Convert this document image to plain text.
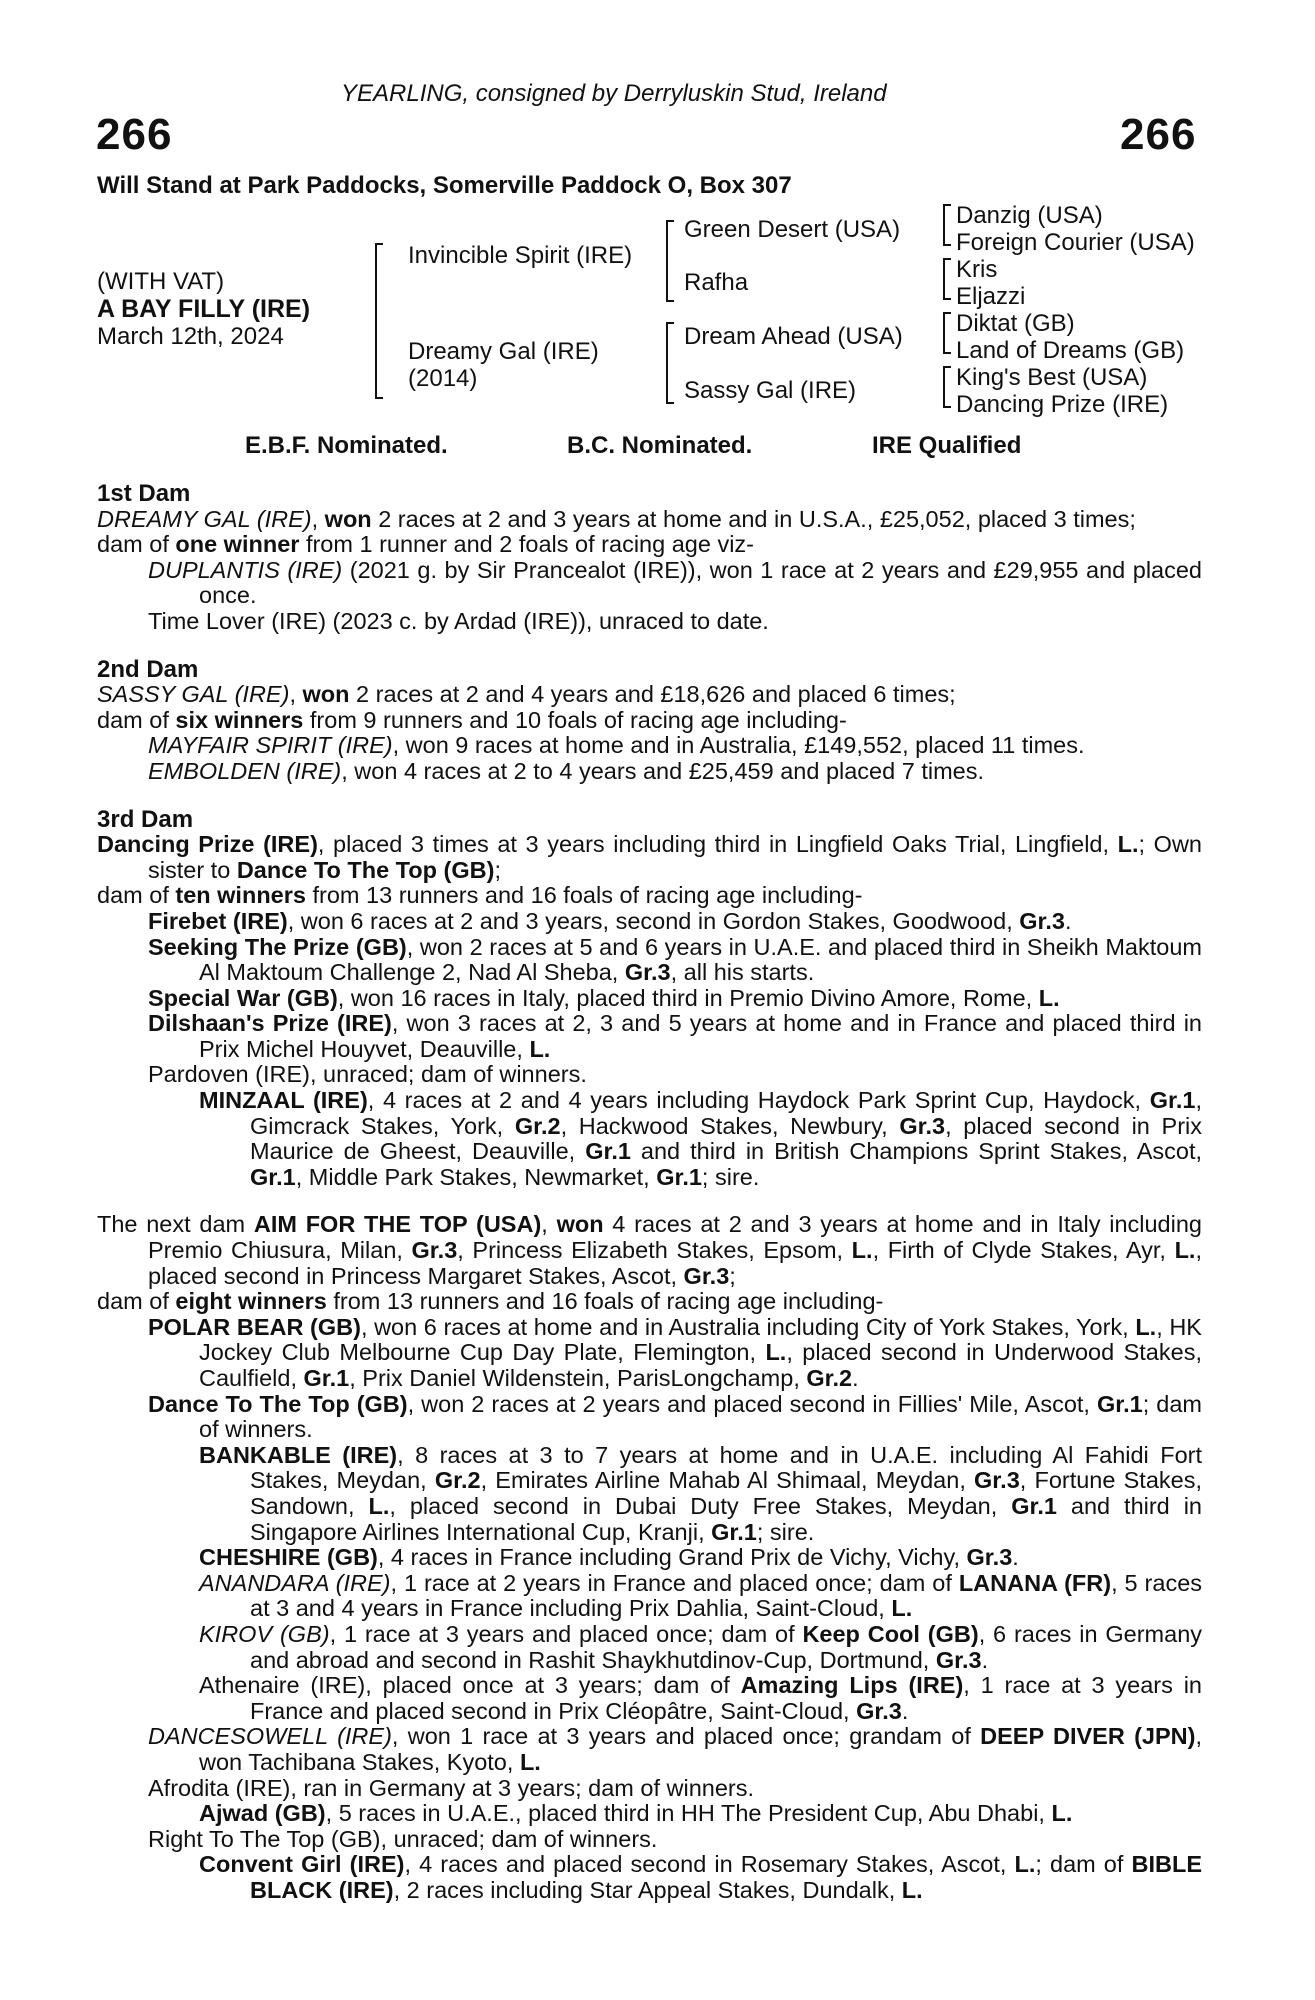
YEARLING, consigned by Derryluskin Stud, Ireland
266	266
Will Stand at Park Paddocks, Somerville Paddock O, Box 307
(WITH VAT)
A BAY FILLY (IRE)
March 12th, 2024
Invincible Spirit (IRE)
Dreamy Gal (IRE)
(2014)
Green Desert (USA)
Rafha
Dream Ahead (USA)
Sassy Gal (IRE)
Danzig (USA)
Foreign Courier (USA)
Kris
Eljazzi
Diktat (GB)
Land of Dreams (GB)
King's Best (USA)
Dancing Prize (IRE)
E.B.F. Nominated.	B.C. Nominated.	IRE Qualified

1st Dam

DREAMY GAL (IRE), won 2 races at 2 and 3 years at home and in U.S.A., £25,052, placed 3 times;

dam of one winner from 1 runner and 2 foals of racing age viz-

DUPLANTIS (IRE) (2021 g. by Sir Prancealot (IRE)), won 1 race at 2 years and £29,955 and placed once.

Time Lover (IRE) (2023 c. by Ardad (IRE)), unraced to date.

2nd Dam

SASSY GAL (IRE), won 2 races at 2 and 4 years and £18,626 and placed 6 times;

dam of six winners from 9 runners and 10 foals of racing age including-

MAYFAIR SPIRIT (IRE), won 9 races at home and in Australia, £149,552, placed 11 times.

EMBOLDEN (IRE), won 4 races at 2 to 4 years and £25,459 and placed 7 times.

3rd Dam

Dancing Prize (IRE), placed 3 times at 3 years including third in Lingfield Oaks Trial, Lingfield, L.; Own sister to Dance To The Top (GB);

dam of ten winners from 13 runners and 16 foals of racing age including-

Firebet (IRE), won 6 races at 2 and 3 years, second in Gordon Stakes, Goodwood, Gr.3.

Seeking The Prize (GB), won 2 races at 5 and 6 years in U.A.E. and placed third in Sheikh Maktoum Al Maktoum Challenge 2, Nad Al Sheba, Gr.3, all his starts.

Special War (GB), won 16 races in Italy, placed third in Premio Divino Amore, Rome, L.

Dilshaan's Prize (IRE), won 3 races at 2, 3 and 5 years at home and in France and placed third in Prix Michel Houyvet, Deauville, L.

Pardoven (IRE), unraced; dam of winners.

MINZAAL (IRE), 4 races at 2 and 4 years including Haydock Park Sprint Cup, Haydock, Gr.1, Gimcrack Stakes, York, Gr.2, Hackwood Stakes, Newbury, Gr.3, placed second in Prix Maurice de Gheest, Deauville, Gr.1 and third in British Champions Sprint Stakes, Ascot, Gr.1, Middle Park Stakes, Newmarket, Gr.1; sire.

The next dam AIM FOR THE TOP (USA), won 4 races at 2 and 3 years at home and in Italy including Premio Chiusura, Milan, Gr.3, Princess Elizabeth Stakes, Epsom, L., Firth of Clyde Stakes, Ayr, L., placed second in Princess Margaret Stakes, Ascot, Gr.3;

dam of eight winners from 13 runners and 16 foals of racing age including-

POLAR BEAR (GB), won 6 races at home and in Australia including City of York Stakes, York, L., HK Jockey Club Melbourne Cup Day Plate, Flemington, L., placed second in Underwood Stakes, Caulfield, Gr.1, Prix Daniel Wildenstein, ParisLongchamp, Gr.2.

Dance To The Top (GB), won 2 races at 2 years and placed second in Fillies' Mile, Ascot, Gr.1; dam of winners.

BANKABLE (IRE), 8 races at 3 to 7 years at home and in U.A.E. including Al Fahidi Fort Stakes, Meydan, Gr.2, Emirates Airline Mahab Al Shimaal, Meydan, Gr.3, Fortune Stakes, Sandown, L., placed second in Dubai Duty Free Stakes, Meydan, Gr.1 and third in Singapore Airlines International Cup, Kranji, Gr.1; sire.

CHESHIRE (GB), 4 races in France including Grand Prix de Vichy, Vichy, Gr.3.

ANANDARA (IRE), 1 race at 2 years in France and placed once; dam of LANANA (FR), 5 races at 3 and 4 years in France including Prix Dahlia, Saint-Cloud, L.

KIROV (GB), 1 race at 3 years and placed once; dam of Keep Cool (GB), 6 races in Germany and abroad and second in Rashit Shaykhutdinov-Cup, Dortmund, Gr.3.

Athenaire (IRE), placed once at 3 years; dam of Amazing Lips (IRE), 1 race at 3 years in France and placed second in Prix Cléopâtre, Saint-Cloud, Gr.3.

DANCESOWELL (IRE), won 1 race at 3 years and placed once; grandam of DEEP DIVER (JPN), won Tachibana Stakes, Kyoto, L.

Afrodita (IRE), ran in Germany at 3 years; dam of winners.

Ajwad (GB), 5 races in U.A.E., placed third in HH The President Cup, Abu Dhabi, L.

Right To The Top (GB), unraced; dam of winners.

Convent Girl (IRE), 4 races and placed second in Rosemary Stakes, Ascot, L.; dam of BIBLE BLACK (IRE), 2 races including Star Appeal Stakes, Dundalk, L.
